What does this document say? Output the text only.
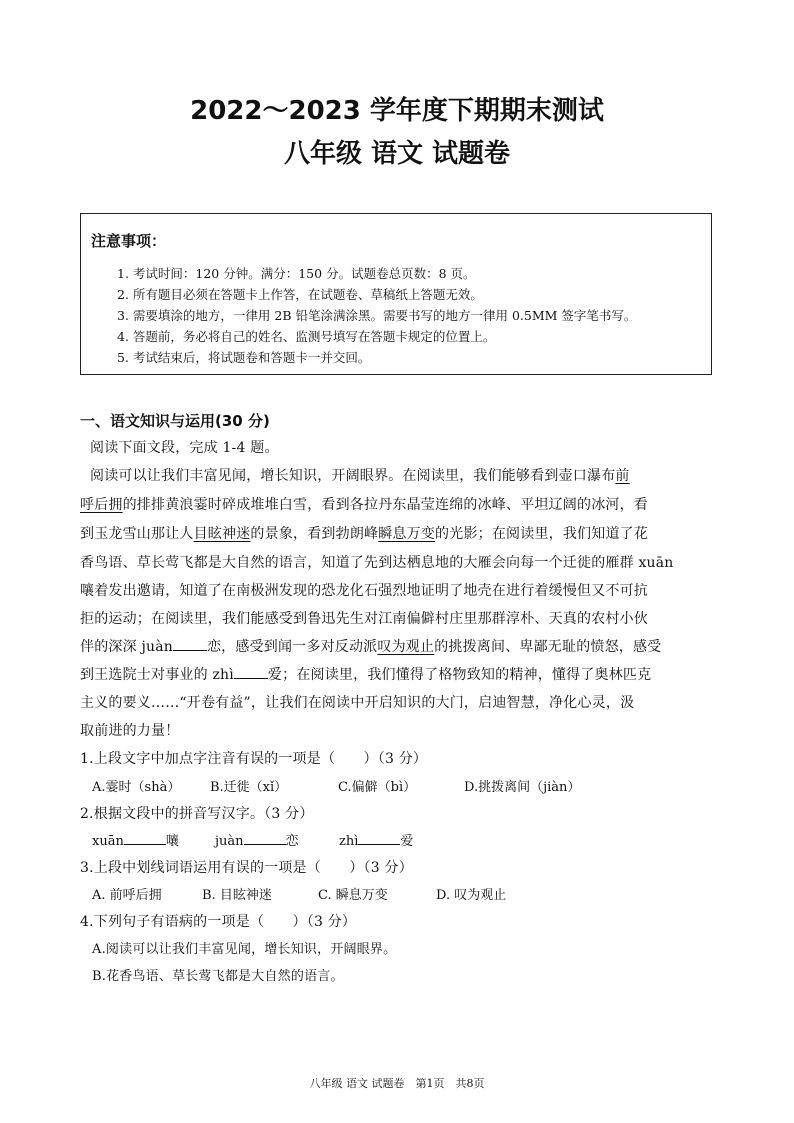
2022～2023 学年度下期期末测试
八年级 语文 试题卷
注意事项：
1. 考试时间：120 分钟。满分：150 分。试题卷总页数：8 页。
2. 所有题目必须在答题卡上作答，在试题卷、草稿纸上答题无效。
3. 需要填涂的地方，一律用 2B 铅笔涂满涂黑。需要书写的地方一律用 0.5MM 签字笔书写。
4. 答题前，务必将自己的姓名、监测号填写在答题卡规定的位置上。
5. 考试结束后，将试题卷和答题卡一并交回。
一、语文知识与运用(30 分)
阅读下面文段，完成 1-4 题。
阅读可以让我们丰富见闻，增长知识，开阔眼界。在阅读里，我们能够看到壶口瀑布前
呼后拥的排排黄浪霎时碎成堆堆白雪，看到各拉丹东晶莹连绵的冰峰、平坦辽阔的冰河，看
到玉龙雪山那让人目眩神迷的景象，看到勃朗峰瞬息万变的光影；在阅读里，我们知道了花
香鸟语、草长莺飞都是大自然的语言，知道了先到达栖息地的大雁会向每一个迁徙的雁群 xuān
嚷着发出邀请，知道了在南极洲发现的恐龙化石强烈地证明了地壳在进行着缓慢但又不可抗
拒的运动；在阅读里，我们能感受到鲁迅先生对江南偏僻村庄里那群淳朴、天真的农村小伙
伴的深深 juàn 恋，感受到闻一多对反动派叹为观止的挑拨离间、卑鄙无耻的愤怒，感受
到王选院士对事业的 zhì 爱；在阅读里，我们懂得了格物致知的精神，懂得了奥林匹克
主义的要义……“开卷有益”，让我们在阅读中开启知识的大门，启迪智慧，净化心灵，汲
取前进的力量！
1.上段文字中加点字注音有误的一项是（　　）（3 分）
A.霎时（shà） B.迁徙（xǐ）	C.偏僻（bì）	D.挑拨离间（jiàn）
2.根据文段中的拼音写汉字。（3 分）
xuān	嚷	juàn	恋	zhì	爱
3.上段中划线词语运用有误的一项是（　　）（3 分）
A. 前呼后拥	B. 目眩神迷	C. 瞬息万变	D. 叹为观止
4.下列句子有语病的一项是（　　）（3 分）
A.阅读可以让我们丰富见闻，增长知识，开阔眼界。
B.花香鸟语、草长莺飞都是大自然的语言。
八年级 语文 试题卷　第1页　共8页
